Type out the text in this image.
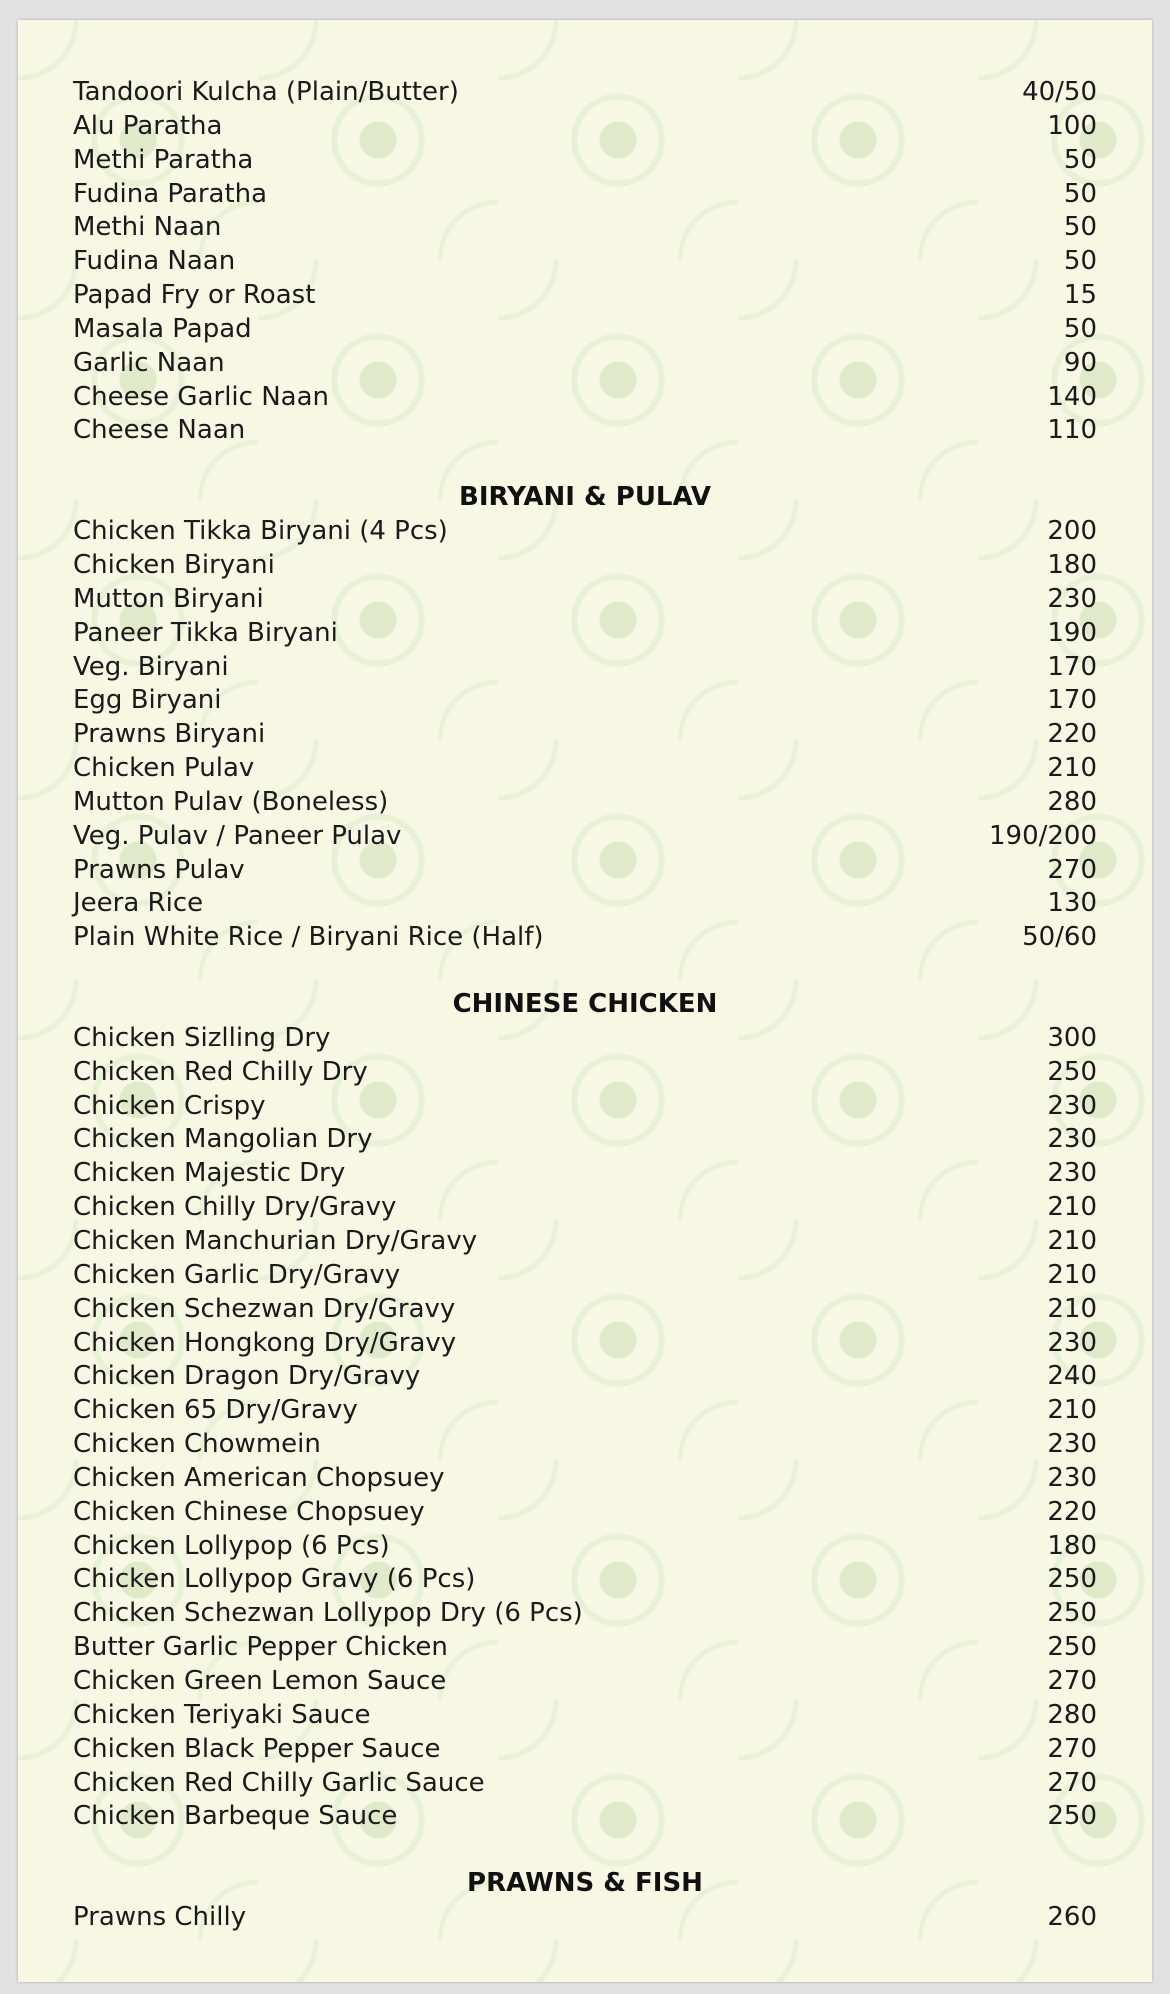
Tandoori Kulcha (Plain/Butter)	40/50
Alu Paratha	100
Methi Paratha	50
Fudina Paratha	50
Methi Naan	50
Fudina Naan	50
Papad Fry or Roast	15
Masala Papad	50
Garlic Naan	90
Cheese Garlic Naan	140
Cheese Naan	110
BIRYANI & PULAV
Chicken Tikka Biryani (4 Pcs)	200
Chicken Biryani	180
Mutton Biryani	230
Paneer Tikka Biryani	190
Veg. Biryani	170
Egg Biryani	170
Prawns Biryani	220
Chicken Pulav	210
Mutton Pulav (Boneless)	280
Veg. Pulav / Paneer Pulav	190/200
Prawns Pulav	270
Jeera Rice	130
Plain White Rice / Biryani Rice (Half)	50/60
CHINESE CHICKEN
Chicken Sizlling Dry	300
Chicken Red Chilly Dry	250
Chicken Crispy	230
Chicken Mangolian Dry	230
Chicken Majestic Dry	230
Chicken Chilly Dry/Gravy	210
Chicken Manchurian Dry/Gravy	210
Chicken Garlic Dry/Gravy	210
Chicken Schezwan Dry/Gravy	210
Chicken Hongkong Dry/Gravy	230
Chicken Dragon Dry/Gravy	240
Chicken 65 Dry/Gravy	210
Chicken Chowmein	230
Chicken American Chopsuey	230
Chicken Chinese Chopsuey	220
Chicken Lollypop (6 Pcs)	180
Chicken Lollypop Gravy (6 Pcs)	250
Chicken Schezwan Lollypop Dry (6 Pcs)	250
Butter Garlic Pepper Chicken	250
Chicken Green Lemon Sauce	270
Chicken Teriyaki Sauce	280
Chicken Black Pepper Sauce	270
Chicken Red Chilly Garlic Sauce	270
Chicken Barbeque Sauce	250
PRAWNS & FISH
Prawns Chilly	260
